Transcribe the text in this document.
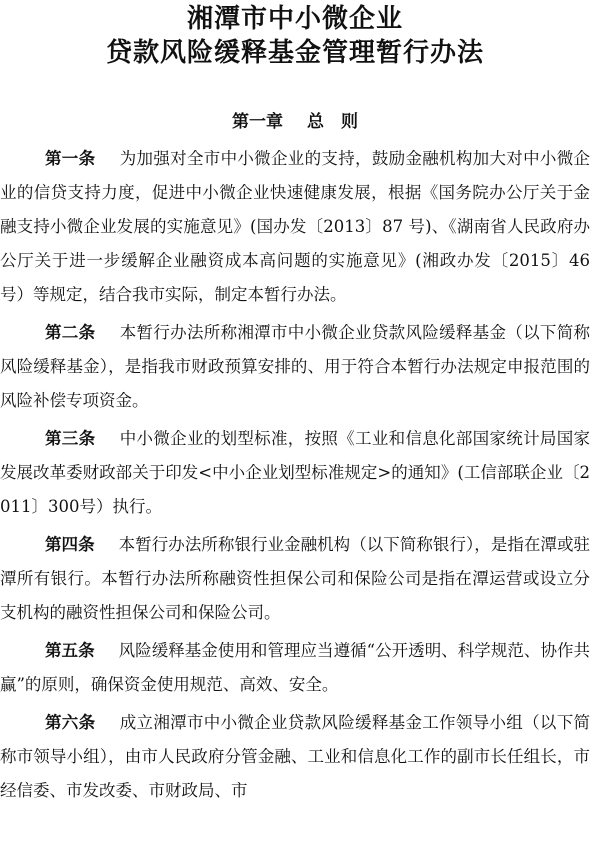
湘潭市中小微企业
贷款风险缓释基金管理暂行办法
第一章 总　则

第一条 为加强对全市中小微企业的支持，鼓励金融机构加大对中小微企业的信贷支持力度，促进中小微企业快速健康发展，根据《国务院办公厅关于金融支持小微企业发展的实施意见》(国办发〔2013〕87 号)、《湖南省人民政府办公厅关于进一步缓解企业融资成本高问题的实施意见》(湘政办发〔2015〕46 号）等规定，结合我市实际，制定本暂行办法。

第二条 本暂行办法所称湘潭市中小微企业贷款风险缓释基金（以下简称风险缓释基金），是指我市财政预算安排的、用于符合本暂行办法规定申报范围的风险补偿专项资金。

第三条 中小微企业的划型标准，按照《工业和信息化部国家统计局国家发展改革委财政部关于印发<中小企业划型标准规定>的通知》(工信部联企业〔2011〕300号）执行。

第四条 本暂行办法所称银行业金融机构（以下简称银行），是指在潭或驻潭所有银行。本暂行办法所称融资性担保公司和保险公司是指在潭运营或设立分支机构的融资性担保公司和保险公司。

第五条 风险缓释基金使用和管理应当遵循“公开透明、科学规范、协作共赢”的原则，确保资金使用规范、高效、安全。

第六条 成立湘潭市中小微企业贷款风险缓释基金工作领导小组（以下简称市领导小组），由市人民政府分管金融、工业和信息化工作的副市长任组长，市经信委、市发改委、市财政局、市
